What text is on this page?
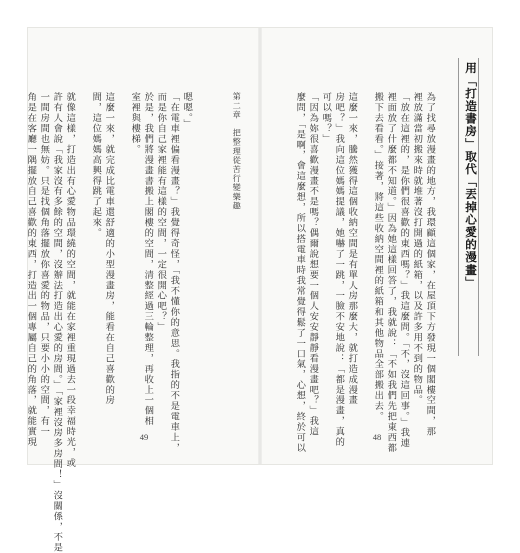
第二章　把整理從苦行變樂趣
嗯嗯。」
「在電車裡偏看漫畫？」我覺得奇怪，「我不懂你的意思。我指的不是電車上，
而是你自己家裡能有這樣的空間，一定很開心吧？」
於是，我們將漫畫書搬上閣樓的空間，清整經過三輪整理，再收上一個相
室裡與樓梯。
這麼一來，就完成比電車還舒適的小型漫畫房，能看在自己喜歡的房
間，這位媽媽高興得跳了起來。
就像這樣，打造出有心愛物品環繞的空間，就能在家裡重現過去一段幸福時光，或
許有人會說「我家沒有多餘的空間，沒辦法打造出心愛的房間。」「家裡沒房多房間！」沒關係，不是
一間房間也無妨。只是找個角落擺放你喜愛的物品，只要小小的空間，有一
角是在客廳一隅擺放自己喜歡的東西，打造出一個專屬自己的角落，就能實現	49
用「打造書房」取代「丟掉心愛的漫畫」
為了找尋放漫畫的地方，我環顧這個家，在屋頂下方發現一個閣樓空間，那
裡放滿當初搬來時就堆著沒打開過的紙箱，以及許多用不到的物品。
「放在這裡的，是你們很喜歡的東西嗎？」我這麼問。「不，沒這回事。」我連
裡面放了什麼都不知道。」因為她這樣回答了，我就說：「不如我們先把東西都
搬下去看看。」接著，將這些收納空間裡的紙箱和其他物品全部搬出去。
這麼一來，騰然獲得這個收納空間是有單人房那麼大，就打造成漫畫
房吧？」我向這位媽媽提議，她嚇了一跳，一臉不安地說：「都是漫畫，真的
可以嗎？」
「因為妳很喜歡漫畫不是嗎？偶爾說想要一個人安安靜靜看漫畫吧？」我這
麼問，「是啊，會這麼想，所以搭電車時我常覺得鬆了一口氣，心想，終於可以	48
